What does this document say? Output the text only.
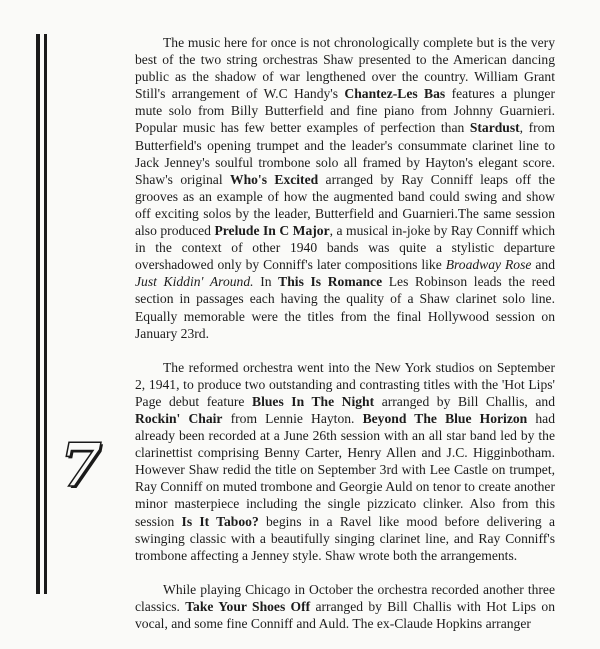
7

The music here for once is not chronologically complete but is the very best of the two string orchestras Shaw presented to the American dancing public as the shadow of war lengthened over the country. William Grant Still's arrangement of W.C Handy's Chantez-Les Bas features a plunger mute solo from Billy Butterfield and fine piano from Johnny Guarnieri. Popular music has few better examples of perfection than Stardust, from Butterfield's opening trumpet and the leader's consummate clarinet line to Jack Jenney's soulful trombone solo all framed by Hayton's elegant score. Shaw's original Who's Excited arranged by Ray Conniff leaps off the grooves as an example of how the augmented band could swing and show off exciting solos by the leader, Butterfield and Guarnieri.The same session also produced Prelude In C Major, a musical in-joke by Ray Conniff which in the context of other 1940 bands was quite a stylistic departure overshadowed only by Conniff's later compositions like Broadway Rose and Just Kiddin' Around. In This Is Romance Les Robinson leads the reed section in passages each having the quality of a Shaw clarinet solo line. Equally memorable were the titles from the final Hollywood session on January 23rd.

The reformed orchestra went into the New York studios on September 2, 1941, to produce two outstanding and contrasting titles with the 'Hot Lips' Page debut feature Blues In The Night arranged by Bill Challis, and Rockin' Chair from Lennie Hayton. Beyond The Blue Horizon had already been recorded at a June 26th session with an all star band led by the clarinettist comprising Benny Carter, Henry Allen and J.C. Higginbotham. However Shaw redid the title on September 3rd with Lee Castle on trumpet, Ray Conniff on muted trombone and Georgie Auld on tenor to create another minor masterpiece including the single pizzicato clinker. Also from this session Is It Taboo? begins in a Ravel like mood before delivering a swinging classic with a beautifully singing clarinet line, and Ray Conniff's trombone affecting a Jenney style. Shaw wrote both the arrangements.

While playing Chicago in October the orchestra recorded another three classics. Take Your Shoes Off arranged by Bill Challis with Hot Lips on vocal, and some fine Conniff and Auld. The ex-Claude Hopkins arranger
